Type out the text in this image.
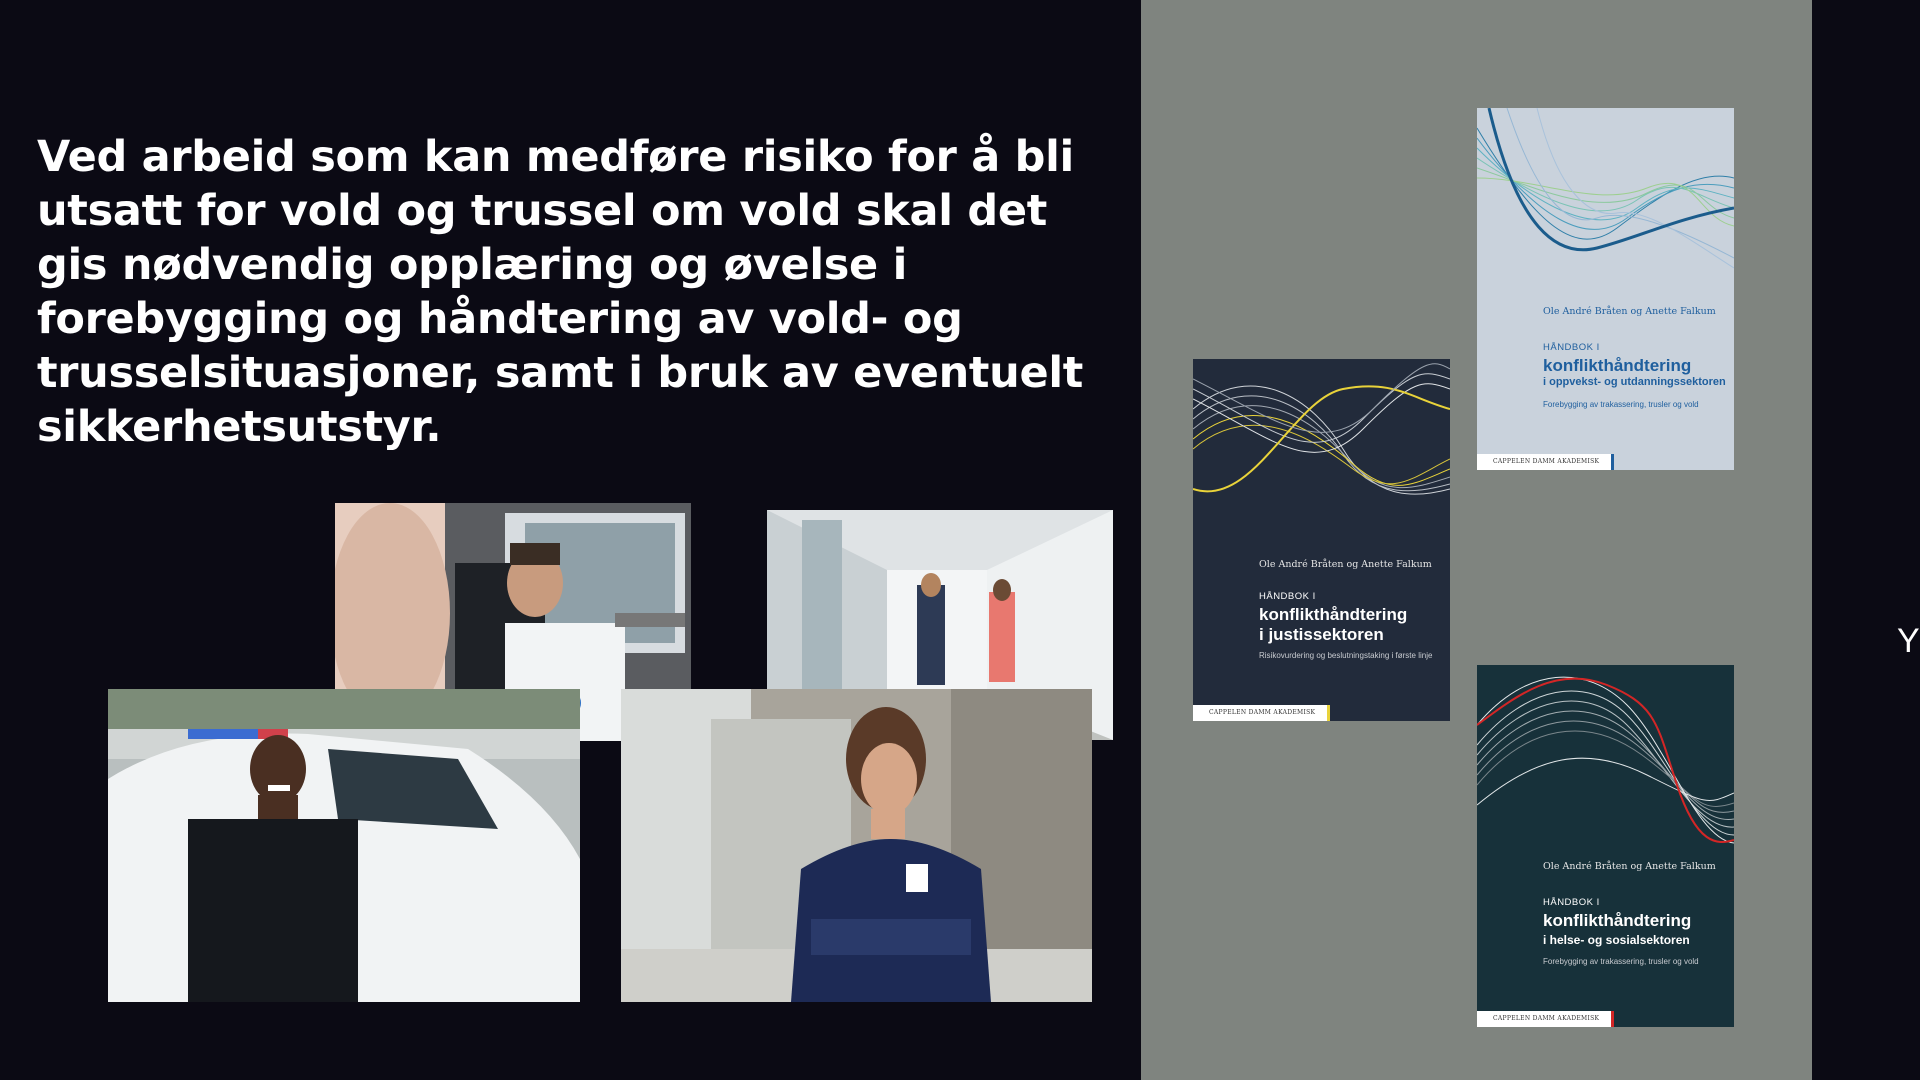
Ved arbeid som kan medføre risiko for å bli utsatt for vold og trussel om vold skal det gis nødvendig opplæring og øvelse i forebygging og håndtering av vold- og trusselsituasjoner, samt i bruk av eventuelt sikkerhetsutstyr.
Ole André Bråten og Anette Falkum
HÅNDBOK I
konflikthåndtering
i oppvekst- og utdanningssektoren
Forebygging av trakassering, trusler og vold
CAPPELEN DAMM AKADEMISK
Ole André Bråten og Anette Falkum
HÅNDBOK I
konflikthåndtering
i justissektoren
Risikovurdering og beslutningstaking i første linje
CAPPELEN DAMM AKADEMISK
Ole André Bråten og Anette Falkum
HÅNDBOK I
konflikthåndtering
i helse- og sosialsektoren
Forebygging av trakassering, trusler og vold
CAPPELEN DAMM AKADEMISK
Y
